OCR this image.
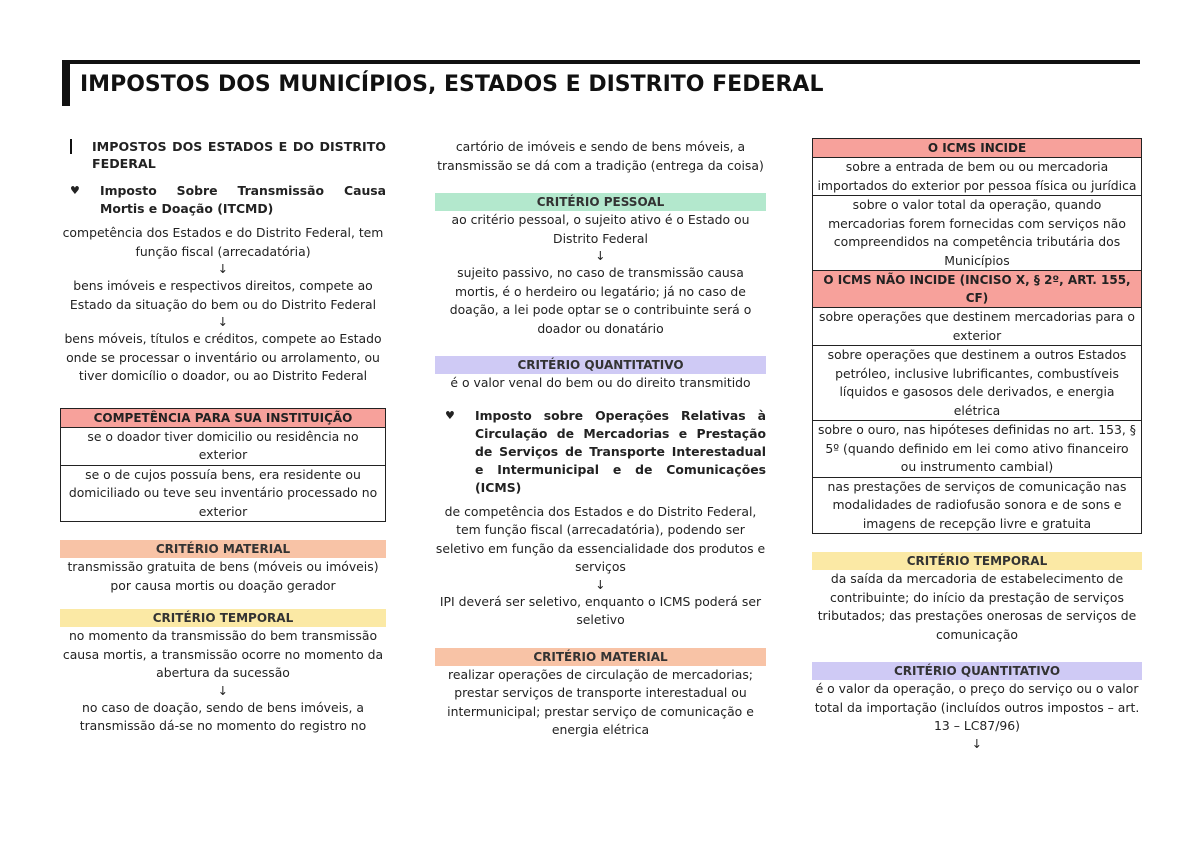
IMPOSTOS DOS MUNICÍPIOS, ESTADOS E DISTRITO FEDERAL
IMPOSTOS DOS ESTADOS E DO DISTRITO FEDERAL
♥ Imposto Sobre Transmissão Causa Mortis e Doação (ITCMD)
competência dos Estados e do Distrito Federal, tem função fiscal (arrecadatória)
↓
bens imóveis e respectivos direitos, compete ao Estado da situação do bem ou do Distrito Federal
↓
bens móveis, títulos e créditos, compete ao Estado onde se processar o inventário ou arrolamento, ou tiver domicílio o doador, ou ao Distrito Federal
COMPETÊNCIA PARA SUA INSTITUIÇÃO
se o doador tiver domicilio ou residência no exterior
se o de cujos possuía bens, era residente ou domiciliado ou teve seu inventário processado no exterior
CRITÉRIO MATERIAL
transmissão gratuita de bens (móveis ou imóveis) por causa mortis ou doação gerador
CRITÉRIO TEMPORAL
no momento da transmissão do bem transmissão causa mortis, a transmissão ocorre no momento da abertura da sucessão
↓
no caso de doação, sendo de bens imóveis, a transmissão dá-se no momento do registro no
cartório de imóveis e sendo de bens móveis, a transmissão se dá com a tradição (entrega da coisa)
CRITÉRIO PESSOAL
ao critério pessoal, o sujeito ativo é o Estado ou Distrito Federal
↓
sujeito passivo, no caso de transmissão causa mortis, é o herdeiro ou legatário; já no caso de doação, a lei pode optar se o contribuinte será o doador ou donatário
CRITÉRIO QUANTITATIVO
é o valor venal do bem ou do direito transmitido
♥ Imposto sobre Operações Relativas à Circulação de Mercadorias e Prestação de Serviços de Transporte Interestadual e Intermunicipal e de Comunicações (ICMS)
de competência dos Estados e do Distrito Federal, tem função fiscal (arrecadatória), podendo ser seletivo em função da essencialidade dos produtos e serviços
↓
IPI deverá ser seletivo, enquanto o ICMS poderá ser seletivo
CRITÉRIO MATERIAL
realizar operações de circulação de mercadorias; prestar serviços de transporte interestadual ou intermunicipal; prestar serviço de comunicação e energia elétrica
O ICMS INCIDE
sobre a entrada de bem ou ou mercadoria importados do exterior por pessoa física ou jurídica
sobre o valor total da operação, quando mercadorias forem fornecidas com serviços não compreendidos na competência tributária dos Municípios
O ICMS NÃO INCIDE (INCISO X, § 2º, ART. 155, CF)
sobre operações que destinem mercadorias para o exterior
sobre operações que destinem a outros Estados petróleo, inclusive lubrificantes, combustíveis líquidos e gasosos dele derivados, e energia elétrica
sobre o ouro, nas hipóteses definidas no art. 153, § 5º (quando definido em lei como ativo financeiro ou instrumento cambial)
nas prestações de serviços de comunicação nas modalidades de radiofusão sonora e de sons e imagens de recepção livre e gratuita
CRITÉRIO TEMPORAL
da saída da mercadoria de estabelecimento de contribuinte; do início da prestação de serviços tributados; das prestações onerosas de serviços de comunicação
CRITÉRIO QUANTITATIVO
é o valor da operação, o preço do serviço ou o valor total da importação (incluídos outros impostos – art. 13 – LC87/96)
↓
